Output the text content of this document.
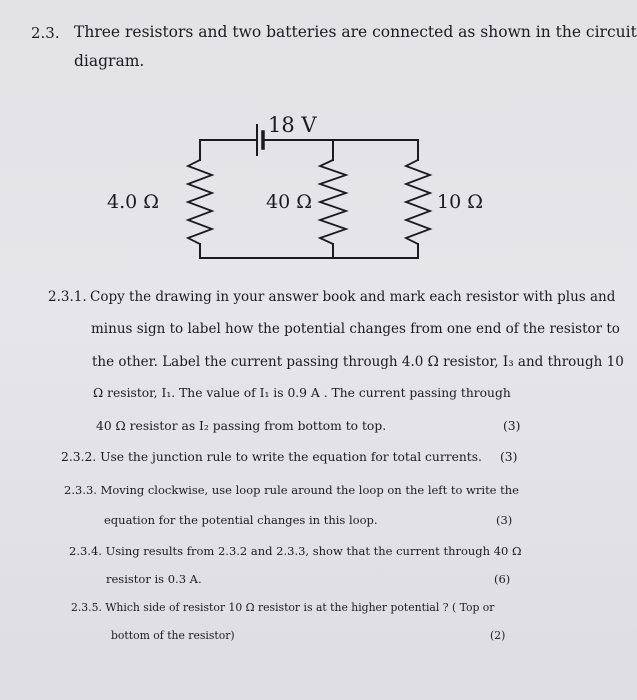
2.3. Three resistors and two batteries are connected as shown in the circuit
diagram.
18 V
4.0 Ω	40 Ω	10 Ω
2.3.1. Copy the drawing in your answer book and mark each resistor with plus and
minus sign to label how the potential changes from one end of the resistor to
the other. Label the current passing through 4.0 Ω resistor, I₃ and through 10
Ω resistor, I₁. The value of I₁ is 0.9 A . The current passing through
40 Ω resistor as I₂ passing from bottom to top.	(3)
2.3.2. Use the junction rule to write the equation for total currents. (3)
2.3.3. Moving clockwise, use loop rule around the loop on the left to write the
equation for the potential changes in this loop.	(3)
2.3.4. Using results from 2.3.2 and 2.3.3, show that the current through 40 Ω
resistor is 0.3 A.	(6)
2.3.5. Which side of resistor 10 Ω resistor is at the higher potential ? ( Top or
bottom of the resistor)	(2)
